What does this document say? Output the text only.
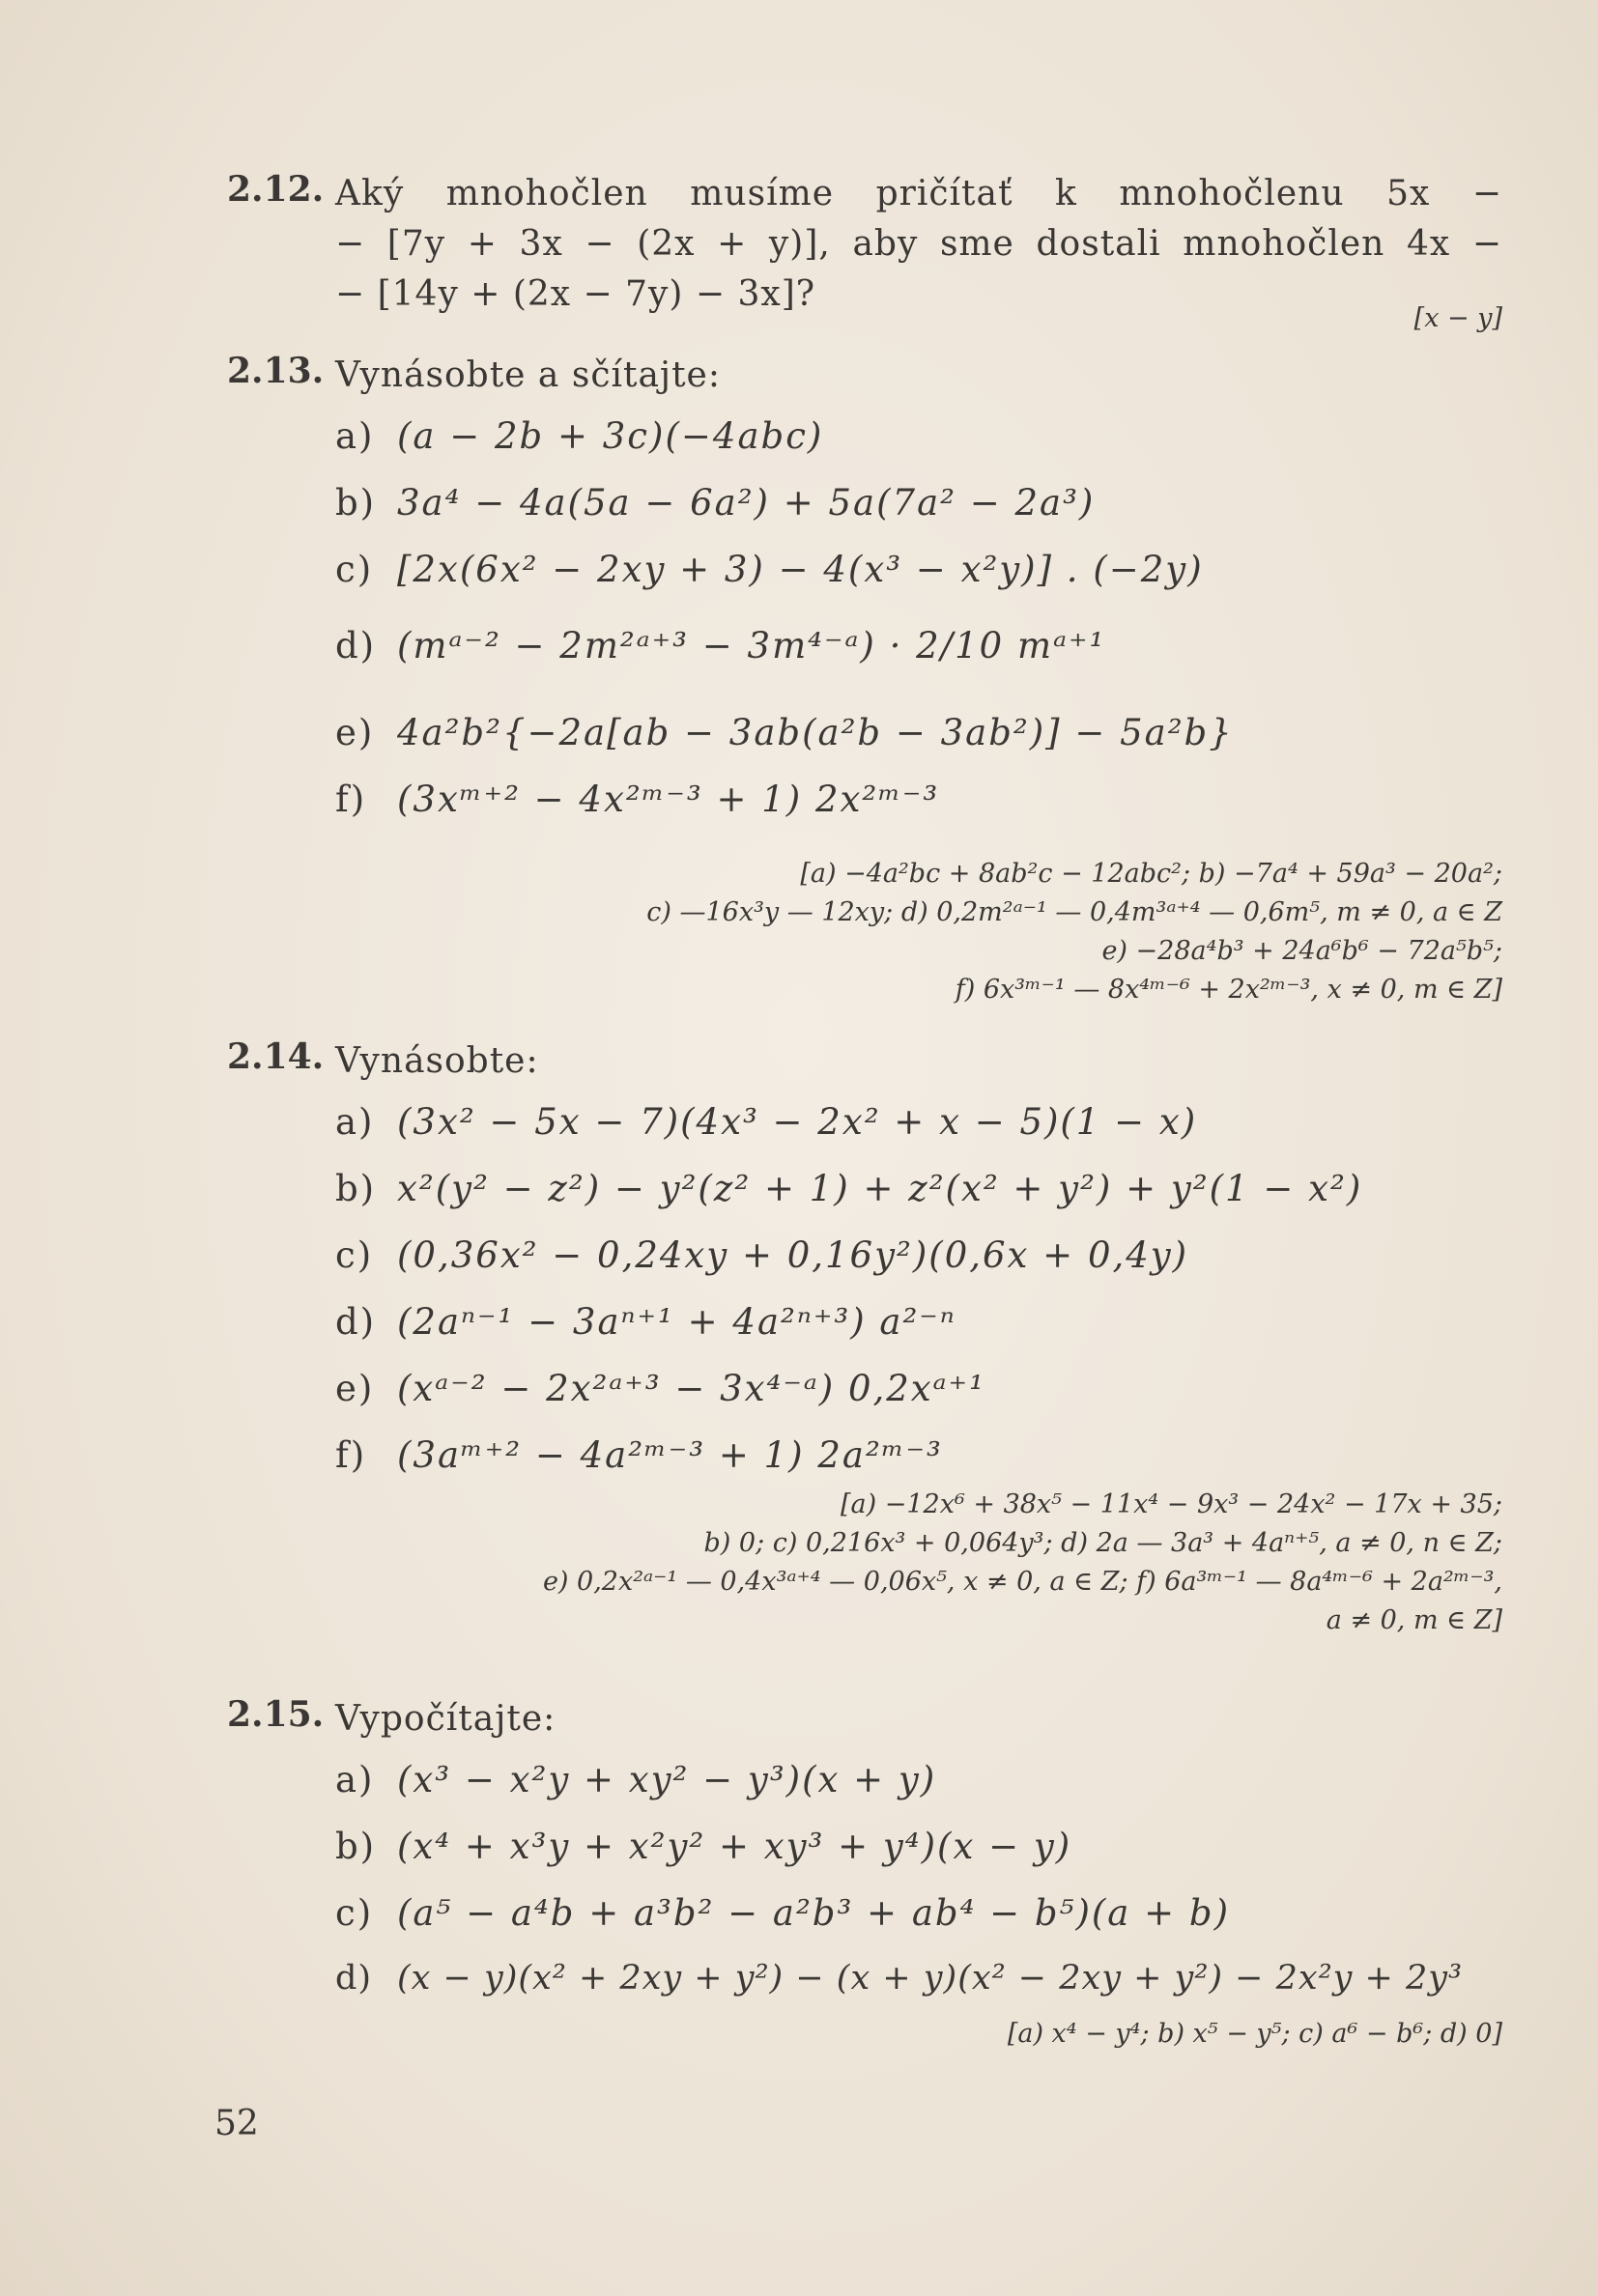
2.12. Aký mnohočlen musíme pričítať k mnohočlenu 5x −
− [7y + 3x − (2x + y)], aby sme dostali mnohočlen 4x −
− [14y + (2x − 7y) − 3x]?
[x − y]
2.13. Vynásobte a sčítajte:
a) (a − 2b + 3c)(−4abc)
b) 3a⁴ − 4a(5a − 6a²) + 5a(7a² − 2a³)
c) [2x(6x² − 2xy + 3) − 4(x³ − x²y)] . (−2y)
d) (mᵃ⁻² − 2m²ᵃ⁺³ − 3m⁴⁻ᵃ) · 2/10 mᵃ⁺¹
e) 4a²b²{−2a[ab − 3ab(a²b − 3ab²)] − 5a²b}
f) (3xᵐ⁺² − 4x²ᵐ⁻³ + 1) 2x²ᵐ⁻³
[a) −4a²bc + 8ab²c − 12abc²; b) −7a⁴ + 59a³ − 20a²;
c) —16x³y — 12xy; d) 0,2m²ᵃ⁻¹ — 0,4m³ᵃ⁺⁴ — 0,6m⁵, m ≠ 0, a ∈ Z
e) −28a⁴b³ + 24a⁶b⁶ − 72a⁵b⁵;
f) 6x³ᵐ⁻¹ — 8x⁴ᵐ⁻⁶ + 2x²ᵐ⁻³, x ≠ 0, m ∈ Z]
2.14. Vynásobte:
a) (3x² − 5x − 7)(4x³ − 2x² + x − 5)(1 − x)
b) x²(y² − z²) − y²(z² + 1) + z²(x² + y²) + y²(1 − x²)
c) (0,36x² − 0,24xy + 0,16y²)(0,6x + 0,4y)
d) (2aⁿ⁻¹ − 3aⁿ⁺¹ + 4a²ⁿ⁺³) a²⁻ⁿ
e) (xᵃ⁻² − 2x²ᵃ⁺³ − 3x⁴⁻ᵃ) 0,2xᵃ⁺¹
f) (3aᵐ⁺² − 4a²ᵐ⁻³ + 1) 2a²ᵐ⁻³
[a) −12x⁶ + 38x⁵ − 11x⁴ − 9x³ − 24x² − 17x + 35;
b) 0; c) 0,216x³ + 0,064y³; d) 2a — 3a³ + 4aⁿ⁺⁵, a ≠ 0, n ∈ Z;
e) 0,2x²ᵃ⁻¹ — 0,4x³ᵃ⁺⁴ — 0,06x⁵, x ≠ 0, a ∈ Z; f) 6a³ᵐ⁻¹ — 8a⁴ᵐ⁻⁶ + 2a²ᵐ⁻³,
a ≠ 0, m ∈ Z]
2.15. Vypočítajte:
a) (x³ − x²y + xy² − y³)(x + y)
b) (x⁴ + x³y + x²y² + xy³ + y⁴)(x − y)
c) (a⁵ − a⁴b + a³b² − a²b³ + ab⁴ − b⁵)(a + b)
d) (x − y)(x² + 2xy + y²) − (x + y)(x² − 2xy + y²) − 2x²y + 2y³
[a) x⁴ − y⁴; b) x⁵ − y⁵; c) a⁶ − b⁶; d) 0]
52
